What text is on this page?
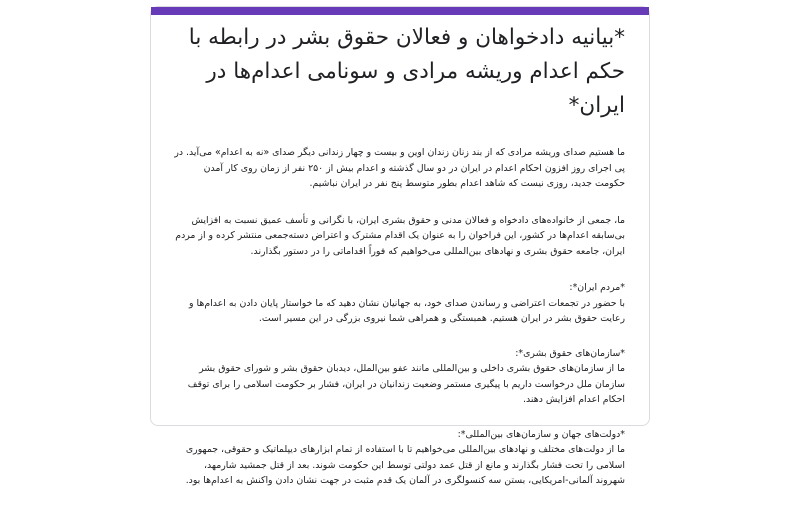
*بیانیه دادخواهان و فعالان حقوق بشر در رابطه با حکم اعدام وریشه مرادی و سونامی اعدام‌ها در ایران*

ما هستیم صدای وریشه مرادی که از بند زنان زندان اوین و بیست و چهار زندانی دیگر صدای «نه به اعدام» می‌آید. در پی اجرای روز افزون احکام اعدام در ایران در دو سال گذشته و اعدام بیش از ۲۵۰ نفر از زمان روی کار آمدن حکومت جدید، روزی نیست که شاهد اعدام بطور متوسط پنج نفر در ایران نباشیم.

ما، جمعی از خانواده‌های دادخواه و فعالان مدنی و حقوق بشری ایران، با نگرانی و تأسف عمیق نسبت به افزایش بی‌سابقه اعدام‌ها در کشور، این فراخوان را به عنوان یک اقدام مشترک و اعتراض دسته‌جمعی منتشر کرده و از مردم ایران، جامعه حقوق بشری و نهادهای بین‌المللی می‌خواهیم که فوراً اقداماتی را در دستور بگذارند.

*مردم ایران*:
با حضور در تجمعات اعتراضی و رساندن صدای خود، به جهانیان نشان دهید که ما خواستار پایان دادن به اعدام‌ها و رعایت حقوق بشر در ایران هستیم. همبستگی و همراهی شما نیروی بزرگی در این مسیر است.

*سازمان‌های حقوق بشری*:
ما از سازمان‌های حقوق بشری داخلی و بین‌المللی مانند عفو بین‌الملل، دیدبان حقوق بشر و شورای حقوق بشر سازمان ملل درخواست داریم با پیگیری مستمر وضعیت زندانیان در ایران، فشار بر حکومت اسلامی را برای توقف احکام اعدام افزایش دهند.

*دولت‌های جهان و سازمان‌های بین‌المللی*:
ما از دولت‌های مختلف و نهادهای بین‌المللی می‌خواهیم تا با استفاده از تمام ابزارهای دیپلماتیک و حقوقی، جمهوری اسلامی را تحت فشار بگذارند و مانع از قتل عمد دولتی توسط این حکومت شوند. بعد از قتل جمشید شارمهد، شهروند آلمانی-امریکایی، بستن سه کنسولگری در آلمان یک قدم مثبت در جهت نشان دادن واکنش به اعدام‌ها بود.
